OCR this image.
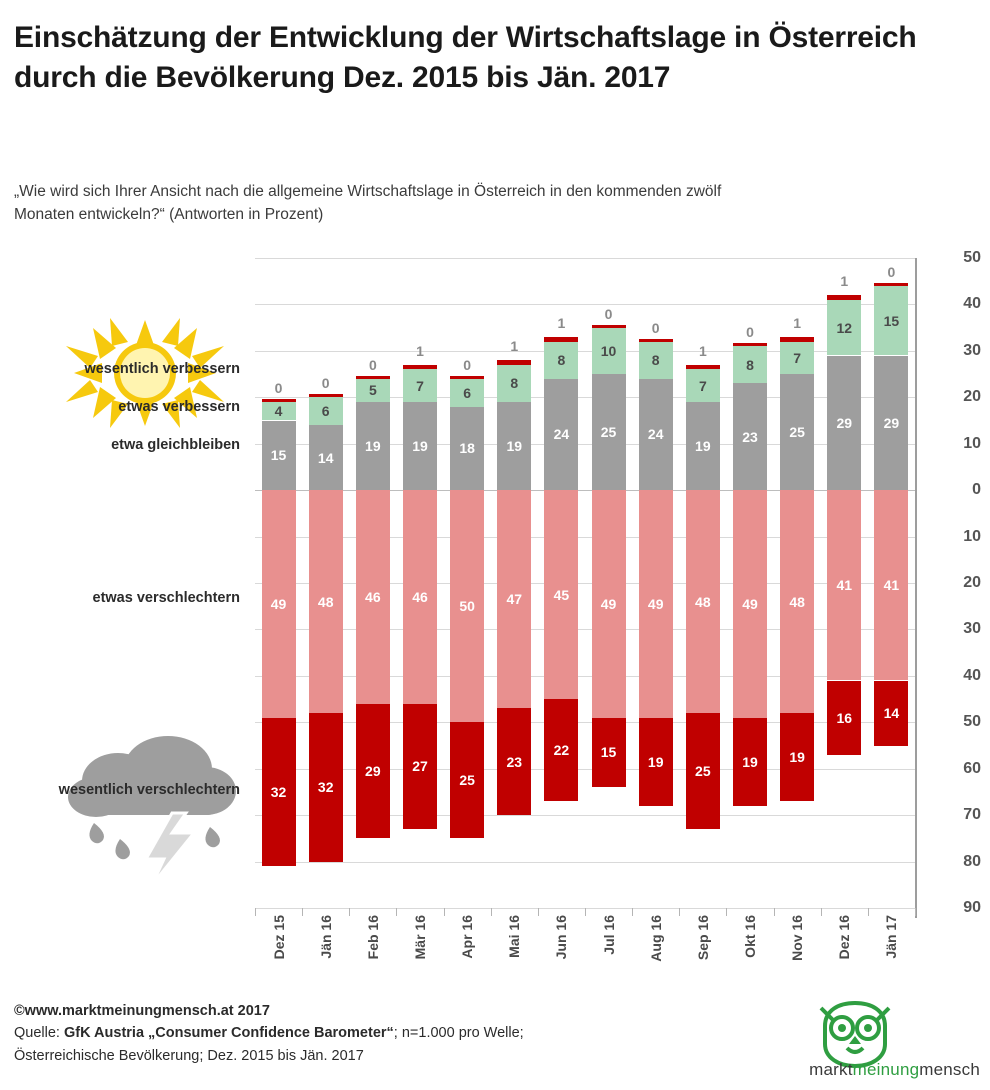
Einschätzung der Entwicklung der Wirtschaftslage in Österreich durch die Bevölkerung Dez. 2015 bis Jän. 2017
„Wie wird sich Ihrer Ansicht nach die allgemeine Wirtschaftslage in Österreich in den kommenden zwölf Monaten entwickeln?“ (Antworten in Prozent)
wesentlich verbessern
etwas verbessern
etwa gleichbleiben
etwas verschlechtern
wesentlich verschlechtern
15
4
49
32
0
14
6
48
32
0
19
5
46
29
0
19
7
46
27
1
18
6
50
25
0
19
8
47
23
1
24
8
45
22
1
25
10
49
15
0
24
8
49
19
0
19
7
48
25
1
23
8
49
19
0
25
7
48
19
1
29
12
41
16
1
29
15
41
14
0
50
40
30
20
10
0
10
20
30
40
50
60
70
80
90
Dez 15 Jän 16 Feb 16 Mär 16 Apr 16 Mai 16 Jun 16 Jul 16 Aug 16 Sep 16 Okt 16 Nov 16 Dez 16 Jän 17
©www.marktmeinungmensch.at 2017
Quelle: GfK Austria „Consumer Confidence Barometer“; n=1.000 pro Welle;
Österreichische Bevölkerung; Dez. 2015 bis Jän. 2017
marktmeinungmensch
